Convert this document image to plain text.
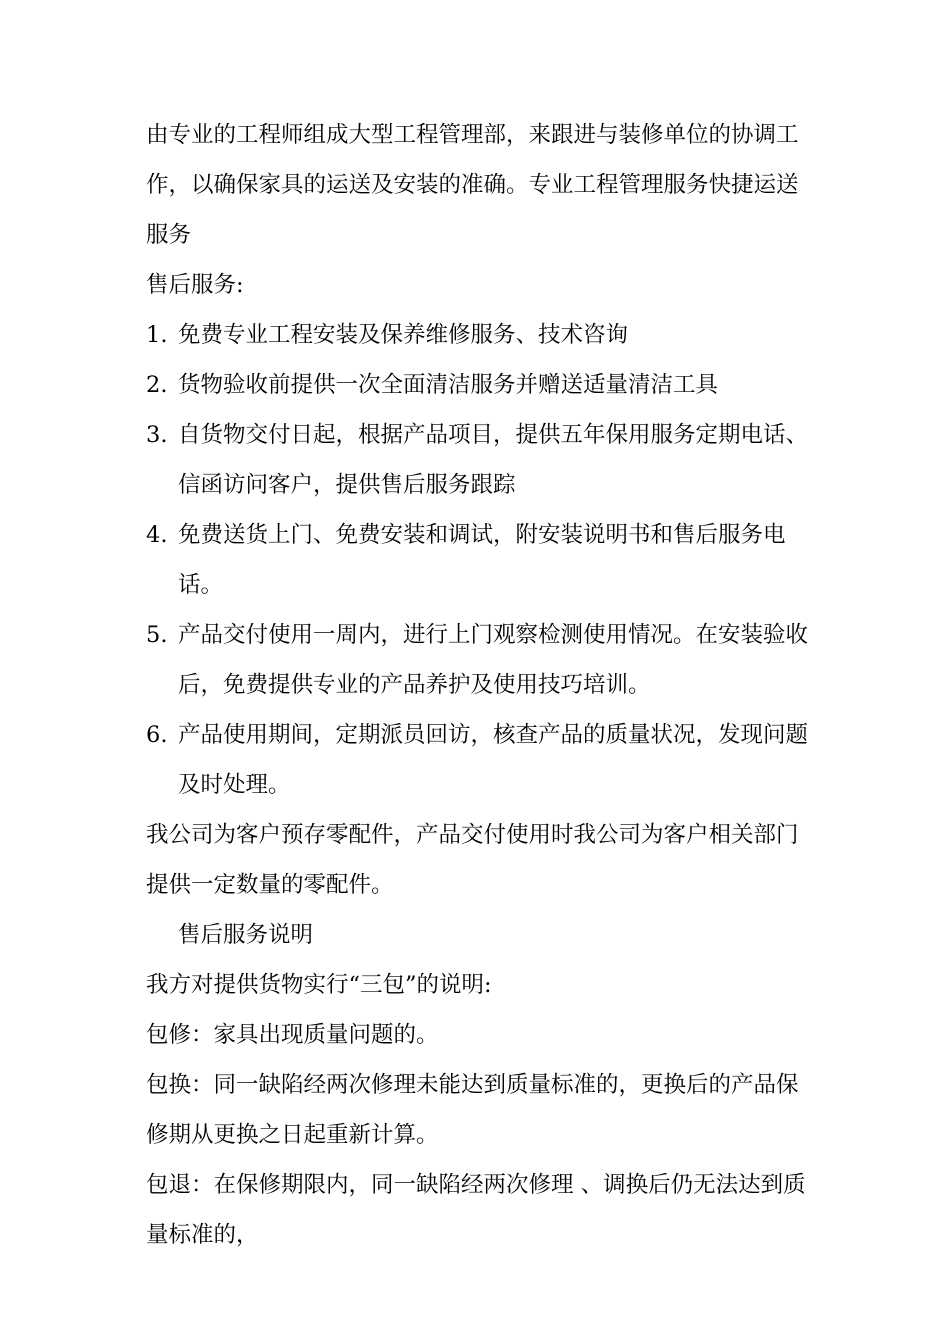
由专业的工程师组成大型工程管理部，来跟进与装修单位的协调工作，以确保家具的运送及安装的准确。专业工程管理服务快捷运送服务

售后服务:

1. 免费专业工程安装及保养维修服务、技术咨询

2. 货物验收前提供一次全面清洁服务并赠送适量清洁工具

3. 自货物交付日起，根据产品项目，提供五年保用服务定期电话、信函访问客户，提供售后服务跟踪

4. 免费送货上门、免费安装和调试，附安装说明书和售后服务电话。

5. 产品交付使用一周内，进行上门观察检测使用情况。在安装验收后，免费提供专业的产品养护及使用技巧培训。

6. 产品使用期间，定期派员回访，核查产品的质量状况，发现问题及时处理。

我公司为客户预存零配件，产品交付使用时我公司为客户相关部门提供一定数量的零配件。

售后服务说明

我方对提供货物实行“三包”的说明:

包修：家具出现质量问题的。

包换：同一缺陷经两次修理未能达到质量标准的，更换后的产品保修期从更换之日起重新计算。

包退：在保修期限内，同一缺陷经两次修理 、调换后仍无法达到质量标准的，
